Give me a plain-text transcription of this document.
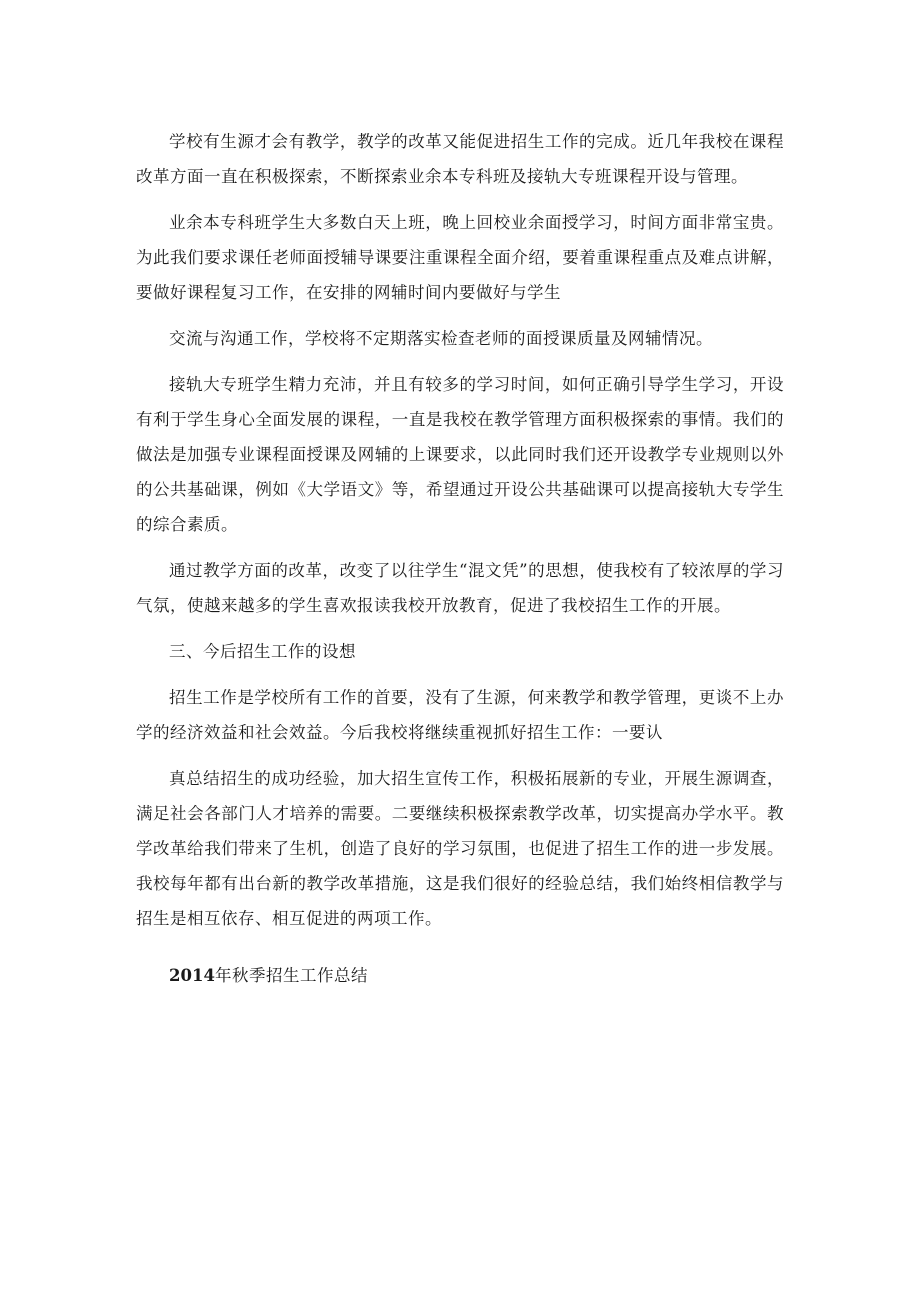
学校有生源才会有教学，教学的改革又能促进招生工作的完成。近几年我校在课程改革方面一直在积极探索，不断探索业余本专科班及接轨大专班课程开设与管理。

业余本专科班学生大多数白天上班，晚上回校业余面授学习，时间方面非常宝贵。为此我们要求课任老师面授辅导课要注重课程全面介绍，要着重课程重点及难点讲解，要做好课程复习工作，在安排的网辅时间内要做好与学生

交流与沟通工作，学校将不定期落实检查老师的面授课质量及网辅情况。

接轨大专班学生精力充沛，并且有较多的学习时间，如何正确引导学生学习，开设有利于学生身心全面发展的课程，一直是我校在教学管理方面积极探索的事情。我们的做法是加强专业课程面授课及网辅的上课要求，以此同时我们还开设教学专业规则以外的公共基础课，例如《大学语文》等，希望通过开设公共基础课可以提高接轨大专学生的综合素质。

通过教学方面的改革，改变了以往学生“混文凭”的思想，使我校有了较浓厚的学习气氛，使越来越多的学生喜欢报读我校开放教育，促进了我校招生工作的开展。

三、今后招生工作的设想

招生工作是学校所有工作的首要，没有了生源，何来教学和教学管理，更谈不上办学的经济效益和社会效益。今后我校将继续重视抓好招生工作：一要认

真总结招生的成功经验，加大招生宣传工作，积极拓展新的专业，开展生源调查，满足社会各部门人才培养的需要。二要继续积极探索教学改革，切实提高办学水平。教学改革给我们带来了生机，创造了良好的学习氛围，也促进了招生工作的进一步发展。我校每年都有出台新的教学改革措施，这是我们很好的经验总结，我们始终相信教学与招生是相互依存、相互促进的两项工作。

2014年秋季招生工作总结
